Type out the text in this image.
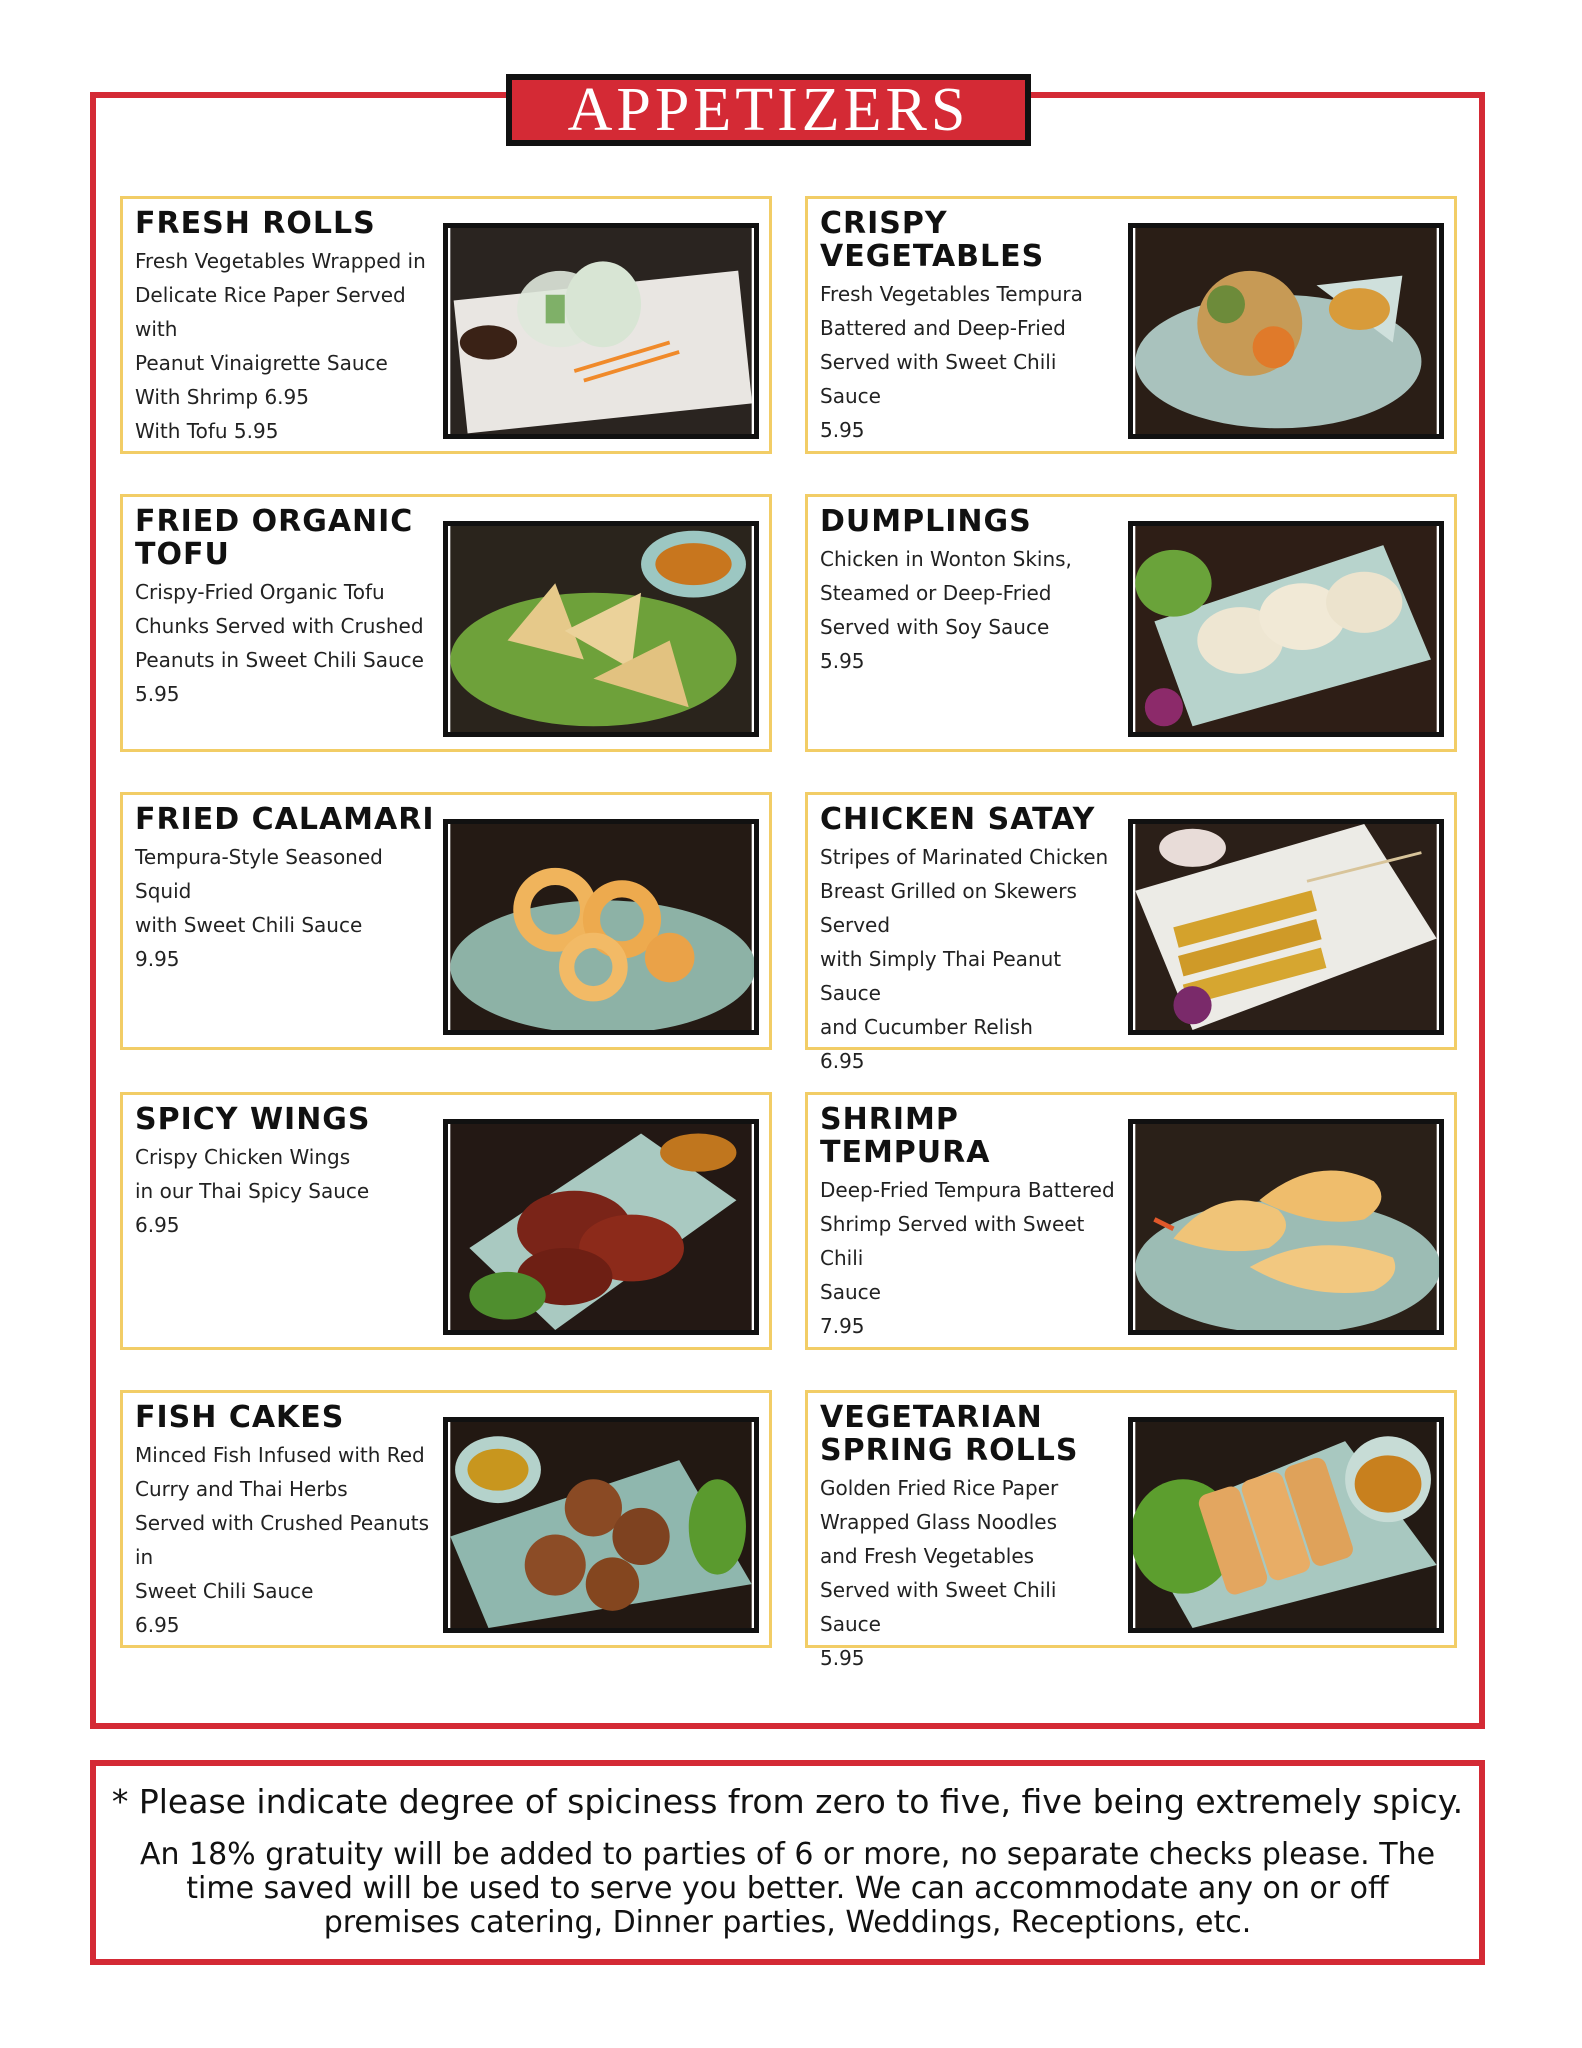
APPETIZERS
FRESH ROLLS
Fresh Vegetables Wrapped in
Delicate Rice Paper Served with
Peanut Vinaigrette Sauce
With Shrimp 6.95
With Tofu 5.95
CRISPY VEGETABLES
Fresh Vegetables Tempura
Battered and Deep-Fried
Served with Sweet Chili Sauce
5.95
FRIED ORGANIC TOFU
Crispy-Fried Organic Tofu
Chunks Served with Crushed
Peanuts in Sweet Chili Sauce
5.95
DUMPLINGS
Chicken in Wonton Skins,
Steamed or Deep-Fried
Served with Soy Sauce
5.95
FRIED CALAMARI
Tempura-Style Seasoned Squid
with Sweet Chili Sauce
9.95
CHICKEN SATAY
Stripes of Marinated Chicken
Breast Grilled on Skewers Served
with Simply Thai Peanut Sauce
and Cucumber Relish
6.95
SPICY WINGS
Crispy Chicken Wings
in our Thai Spicy Sauce
6.95
SHRIMP TEMPURA
Deep-Fried Tempura Battered
Shrimp Served with Sweet Chili
Sauce
7.95
FISH CAKES
Minced Fish Infused with Red
Curry and Thai Herbs
Served with Crushed Peanuts in
Sweet Chili Sauce
6.95
VEGETARIAN SPRING ROLLS
Golden Fried Rice Paper
Wrapped Glass Noodles
and Fresh Vegetables
Served with Sweet Chili Sauce
5.95
* Please indicate degree of spiciness from zero to five, five being extremely spicy.
An 18% gratuity will be added to parties of 6 or more, no separate checks please. The time saved will be used to serve you better. We can accommodate any on or off premises catering, Dinner parties, Weddings, Receptions, etc.
